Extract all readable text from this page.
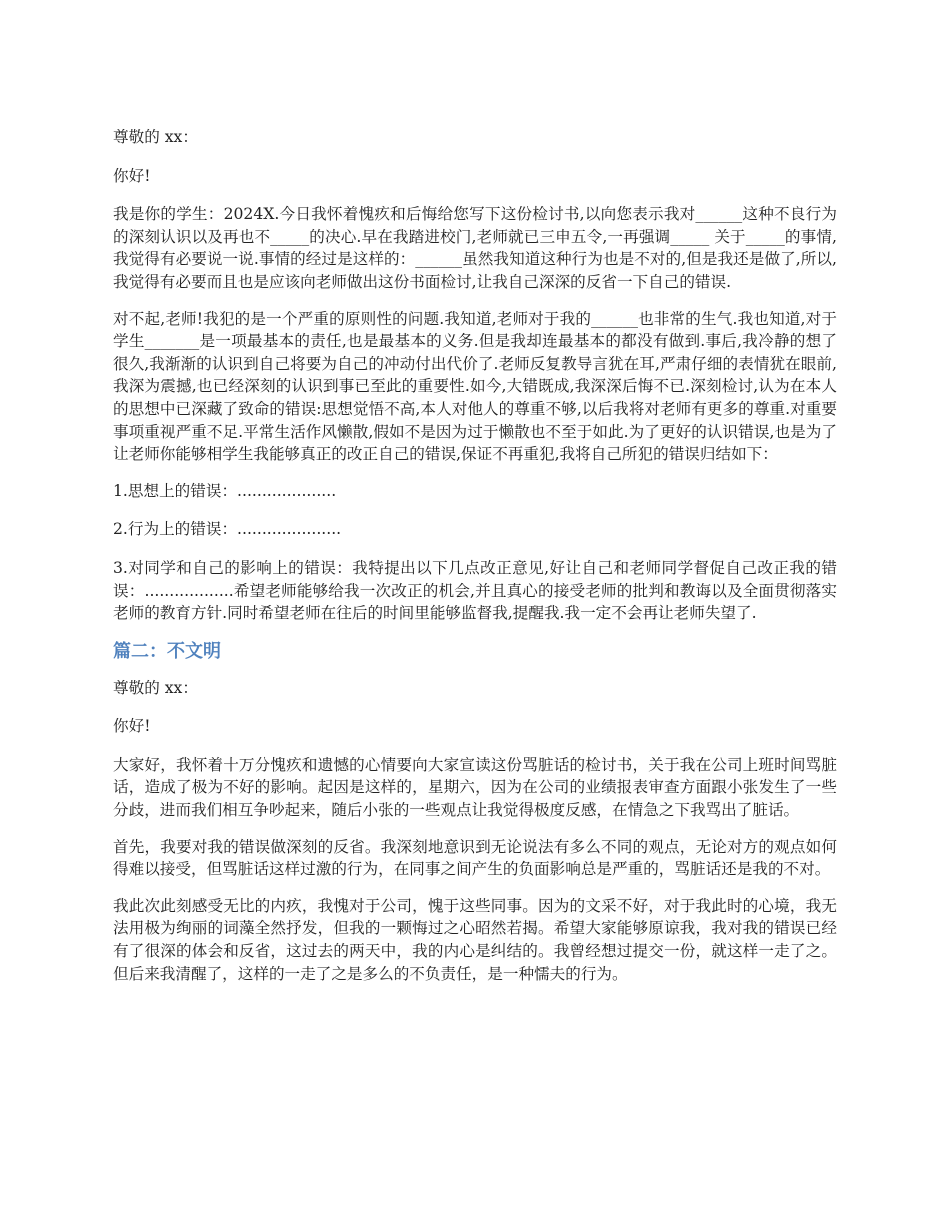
尊敬的 xx：

你好!

我是你的学生：2024X.今日我怀着愧疚和后悔给您写下这份检讨书,以向您表示我对______这种不良行为的深刻认识以及再也不_____的决心.早在我踏进校门,老师就已三申五令,一再强调_____ 关于_____的事情,我觉得有必要说一说.事情的经过是这样的：______虽然我知道这种行为也是不对的,但是我还是做了,所以,我觉得有必要而且也是应该向老师做出这份书面检讨,让我自己深深的反省一下自己的错误.

对不起,老师!我犯的是一个严重的原则性的问题.我知道,老师对于我的______也非常的生气.我也知道,对于学生_______是一项最基本的责任,也是最基本的义务.但是我却连最基本的都没有做到.事后,我冷静的想了很久,我渐渐的认识到自己将要为自己的冲动付出代价了.老师反复教导言犹在耳,严肃仔细的表情犹在眼前,我深为震撼,也已经深刻的认识到事已至此的重要性.如今,大错既成,我深深后悔不已.深刻检讨,认为在本人的思想中已深藏了致命的错误:思想觉悟不高,本人对他人的尊重不够,以后我将对老师有更多的尊重.对重要事项重视严重不足.平常生活作风懒散,假如不是因为过于懒散也不至于如此.为了更好的认识错误,也是为了让老师你能够相学生我能够真正的改正自己的错误,保证不再重犯,我将自己所犯的错误归结如下：

1.思想上的错误：....................

2.行为上的错误：.....................

3.对同学和自己的影响上的错误：我特提出以下几点改正意见,好让自己和老师同学督促自己改正我的错误：..................希望老师能够给我一次改正的机会,并且真心的接受老师的批判和教诲以及全面贯彻落实老师的教育方针.同时希望老师在往后的时间里能够监督我,提醒我.我一定不会再让老师失望了.

篇二：不文明

尊敬的 xx：

你好!

大家好，我怀着十万分愧疚和遗憾的心情要向大家宣读这份骂脏话的检讨书，关于我在公司上班时间骂脏话，造成了极为不好的影响。起因是这样的，星期六，因为在公司的业绩报表审查方面跟小张发生了一些分歧，进而我们相互争吵起来，随后小张的一些观点让我觉得极度反感，在情急之下我骂出了脏话。

首先，我要对我的错误做深刻的反省。我深刻地意识到无论说法有多么不同的观点，无论对方的观点如何得难以接受，但骂脏话这样过激的行为，在同事之间产生的负面影响总是严重的，骂脏话还是我的不对。

我此次此刻感受无比的内疚，我愧对于公司，愧于这些同事。因为的文采不好，对于我此时的心境，我无法用极为绚丽的词藻全然抒发，但我的一颗悔过之心昭然若揭。希望大家能够原谅我，我对我的错误已经有了很深的体会和反省，这过去的两天中，我的内心是纠结的。我曾经想过提交一份，就这样一走了之。但后来我清醒了，这样的一走了之是多么的不负责任，是一种懦夫的行为。
